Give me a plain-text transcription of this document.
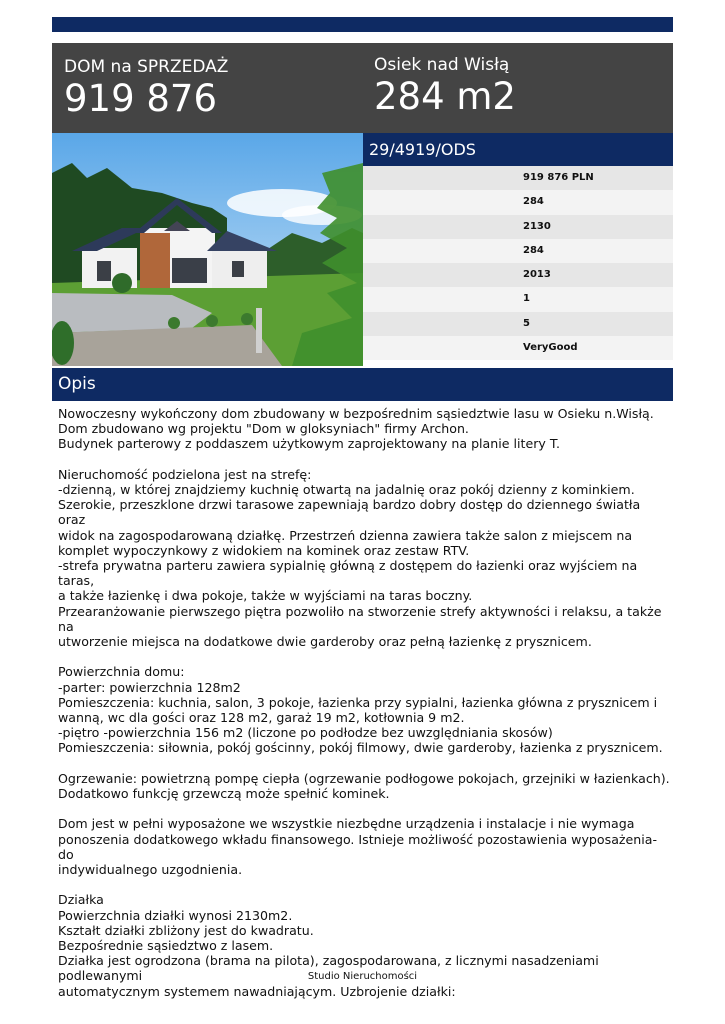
DOM na SPRZEDAŻ
919 876
Osiek nad Wisłą
284 m2
29/4919/ODS
919 876 PLN
284
2130
284
2013
1
5
VeryGood
Opis

Nowoczesny wykończony dom zbudowany w bezpośrednim sąsiedztwie lasu w Osieku n.Wisłą.

Dom zbudowano wg projektu "Dom w gloksyniach" firmy Archon.

Budynek parterowy z poddaszem użytkowym zaprojektowany na planie litery T.

Nieruchomość podzielona jest na strefę:

-dzienną, w której znajdziemy kuchnię otwartą na jadalnię oraz pokój dzienny z kominkiem.

Szerokie, przeszklone drzwi tarasowe zapewniają bardzo dobry dostęp do dziennego światła oraz

widok na zagospodarowaną działkę. Przestrzeń dzienna zawiera także salon z miejscem na

komplet wypoczynkowy z widokiem na kominek oraz zestaw RTV.

-strefa prywatna parteru zawiera sypialnię główną z dostępem do łazienki oraz wyjściem na taras,

a także łazienkę i dwa pokoje, także w wyjściami na taras boczny.

Przearanżowanie pierwszego piętra pozwoliło na stworzenie strefy aktywności i relaksu, a także na

utworzenie miejsca na dodatkowe dwie garderoby oraz pełną łazienkę z prysznicem.

Powierzchnia domu:

-parter: powierzchnia 128m2

Pomieszczenia: kuchnia, salon, 3 pokoje, łazienka przy sypialni, łazienka główna z prysznicem i

wanną, wc dla gości oraz 128 m2, garaż 19 m2, kotłownia 9 m2.

-piętro -powierzchnia 156 m2 (liczone po podłodze bez uwzględniania skosów)

Pomieszczenia: siłownia, pokój gościnny, pokój filmowy, dwie garderoby, łazienka z prysznicem.

Ogrzewanie: powietrzną pompę ciepła (ogrzewanie podłogowe pokojach, grzejniki w łazienkach).

Dodatkowo funkcję grzewczą może spełnić kominek.

Dom jest w pełni wyposażone we wszystkie niezbędne urządzenia i instalacje i nie wymaga

ponoszenia dodatkowego wkładu finansowego. Istnieje możliwość pozostawienia wyposażenia-do

indywidualnego uzgodnienia.

Działka

Powierzchnia działki wynosi 2130m2.

Kształt działki zbliżony jest do kwadratu.

Bezpośrednie sąsiedztwo z lasem.

Działka jest ogrodzona (brama na pilota), zagospodarowana, z licznymi nasadzeniami podlewanymi

automatycznym systemem nawadniającym. Uzbrojenie działki:

Studio Nieruchomości
